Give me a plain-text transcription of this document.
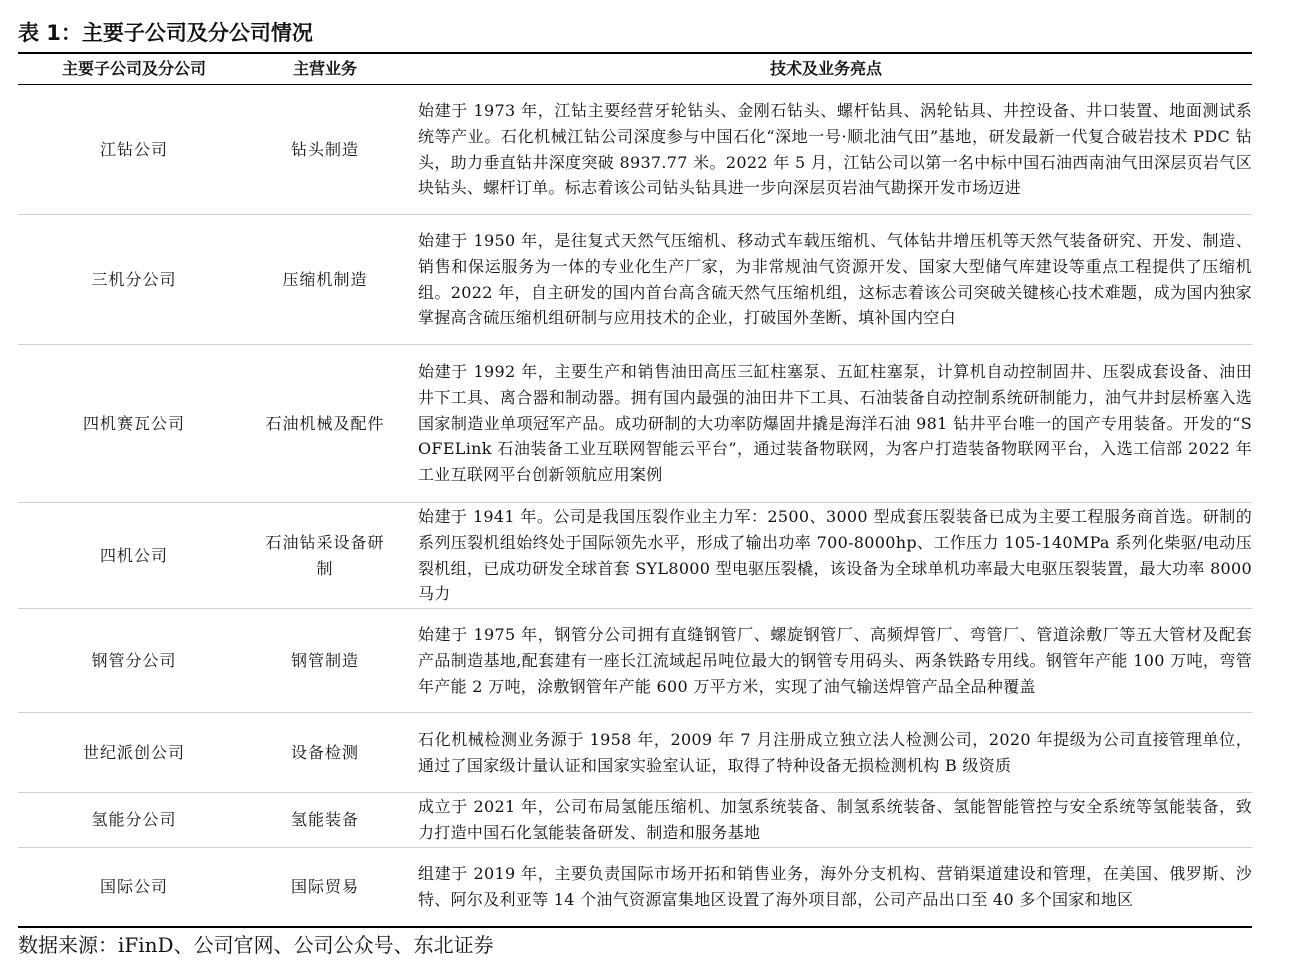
表 1：主要子公司及分公司情况
主要子公司及分公司	主营业务	技术及业务亮点
江钻公司	钻头制造	始建于 1973 年，江钻主要经营牙轮钻头、金刚石钻头、螺杆钻具、涡轮钻具、井控设备、井口装置、地面测试系统等产业。石化机械江钻公司深度参与中国石化“深地一号·顺北油气田”基地，研发最新一代复合破岩技术 PDC 钻头，助力垂直钻井深度突破 8937.77 米。2022 年 5 月，江钻公司以第一名中标中国石油西南油气田深层页岩气区块钻头、螺杆订单。标志着该公司钻头钻具进一步向深层页岩油气勘探开发市场迈进
三机分公司	压缩机制造	始建于 1950 年，是往复式天然气压缩机、移动式车载压缩机、气体钻井增压机等天然气装备研究、开发、制造、销售和保运服务为一体的专业化生产厂家，为非常规油气资源开发、国家大型储气库建设等重点工程提供了压缩机组。2022 年，自主研发的国内首台高含硫天然气压缩机组，这标志着该公司突破关键核心技术难题，成为国内独家掌握高含硫压缩机组研制与应用技术的企业，打破国外垄断、填补国内空白
四机赛瓦公司	石油机械及配件	始建于 1992 年，主要生产和销售油田高压三缸柱塞泵、五缸柱塞泵，计算机自动控制固井、压裂成套设备、油田井下工具、离合器和制动器。拥有国内最强的油田井下工具、石油装备自动控制系统研制能力，油气井封层桥塞入选国家制造业单项冠军产品。成功研制的大功率防爆固井撬是海洋石油 981 钻井平台唯一的国产专用装备。开发的“SOFELink 石油装备工业互联网智能云平台”，通过装备物联网，为客户打造装备物联网平台，入选工信部 2022 年工业互联网平台创新领航应用案例
四机公司	石油钻采设备研制	始建于 1941 年。公司是我国压裂作业主力军：2500、3000 型成套压裂装备已成为主要工程服务商首选。研制的系列压裂机组始终处于国际领先水平，形成了输出功率 700-8000hp、工作压力 105-140MPa 系列化柴驱/电动压裂机组，已成功研发全球首套 SYL8000 型电驱压裂橇，该设备为全球单机功率最大电驱压裂装置，最大功率 8000 马力
钢管分公司	钢管制造	始建于 1975 年，钢管分公司拥有直缝钢管厂、螺旋钢管厂、高频焊管厂、弯管厂、管道涂敷厂等五大管材及配套产品制造基地,配套建有一座长江流域起吊吨位最大的钢管专用码头、两条铁路专用线。钢管年产能 100 万吨，弯管年产能 2 万吨，涂敷钢管年产能 600 万平方米，实现了油气输送焊管产品全品种覆盖
世纪派创公司	设备检测	石化机械检测业务源于 1958 年，2009 年 7 月注册成立独立法人检测公司，2020 年提级为公司直接管理单位，通过了国家级计量认证和国家实验室认证，取得了特种设备无损检测机构 B 级资质
氢能分公司	氢能装备	成立于 2021 年，公司布局氢能压缩机、加氢系统装备、制氢系统装备、氢能智能管控与安全系统等氢能装备，致力打造中国石化氢能装备研发、制造和服务基地
国际公司	国际贸易	组建于 2019 年，主要负责国际市场开拓和销售业务，海外分支机构、营销渠道建设和管理，在美国、俄罗斯、沙特、阿尔及利亚等 14 个油气资源富集地区设置了海外项目部，公司产品出口至 40 多个国家和地区
数据来源：iFinD、公司官网、公司公众号、东北证券
